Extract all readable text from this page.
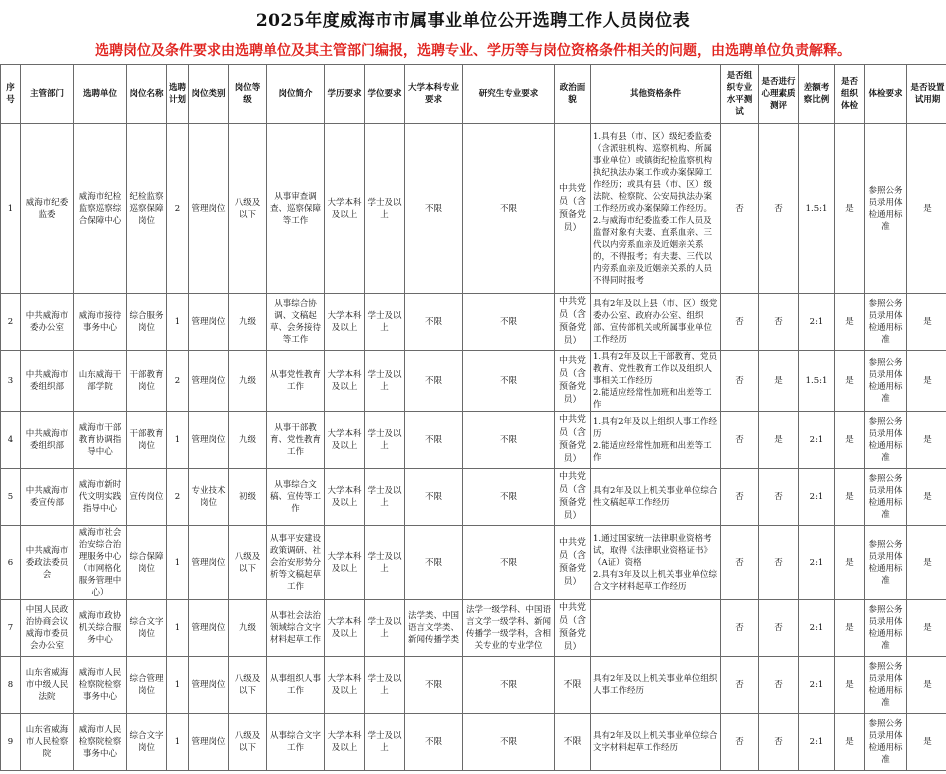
2025年度威海市市属事业单位公开选聘工作人员岗位表
选聘岗位及条件要求由选聘单位及其主管部门编报，选聘专业、学历等与岗位资格条件相关的问题，由选聘单位负责解释。
序号	主管部门	选聘单位	岗位名称	选聘计划	岗位类别	岗位等级	岗位简介	学历要求	学位要求	大学本科专业要求	研究生专业要求	政治面貌	其他资格条件	是否组织专业水平测试	是否进行心理素质测评	差额考察比例	是否组织体检	体检要求	是否设置试用期
1	威海市纪委监委	威海市纪检监察巡察综合保障中心	纪检监察巡察保障岗位	2	管理岗位	八级及以下	从事审查调查、巡察保障等工作	大学本科及以上	学士及以上	不限	不限	中共党员（含预备党员）	1.具有县（市、区）级纪委监委（含派驻机构、巡察机构、所属事业单位）或镇街纪检监察机构执纪执法办案工作或办案保障工作经历；或具有县（市、区）级法院、检察院、公安局执法办案工作经历或办案保障工作经历。
2.与威海市纪委监委工作人员及监督对象有夫妻、直系血亲、三代以内旁系血亲及近姻亲关系的，不得报考；有夫妻、三代以内旁系血亲及近姻亲关系的人员不得同时报考	否	否	1.5:1	是	参照公务员录用体检通用标准	是
2	中共威海市委办公室	威海市接待事务中心	综合服务岗位	1	管理岗位	九级	从事综合协调、文稿起草、会务接待等工作	大学本科及以上	学士及以上	不限	不限	中共党员（含预备党员）	具有2年及以上县（市、区）级党委办公室、政府办公室、组织部、宣传部机关或所属事业单位工作经历	否	否	2:1	是	参照公务员录用体检通用标准	是
3	中共威海市委组织部	山东威海干部学院	干部教育岗位	2	管理岗位	九级	从事党性教育工作	大学本科及以上	学士及以上	不限	不限	中共党员（含预备党员）	1.具有2年及以上干部教育、党员教育、党性教育工作以及组织人事相关工作经历
2.能适应经常性加班和出差等工作	否	是	1.5:1	是	参照公务员录用体检通用标准	是
4	中共威海市委组织部	威海市干部教育协调指导中心	干部教育岗位	1	管理岗位	九级	从事干部教育、党性教育工作	大学本科及以上	学士及以上	不限	不限	中共党员（含预备党员）	1.具有2年及以上组织人事工作经历
2.能适应经常性加班和出差等工作	否	是	2:1	是	参照公务员录用体检通用标准	是
5	中共威海市委宣传部	威海市新时代文明实践指导中心	宣传岗位	2	专业技术岗位	初级	从事综合文稿、宣传等工作	大学本科及以上	学士及以上	不限	不限	中共党员（含预备党员）	具有2年及以上机关事业单位综合性文稿起草工作经历	否	否	2:1	是	参照公务员录用体检通用标准	是
6	中共威海市委政法委员会	威海市社会治安综合治理服务中心（市网格化服务管理中心）	综合保障岗位	1	管理岗位	八级及以下	从事平安建设政策调研、社会治安形势分析等文稿起草工作	大学本科及以上	学士及以上	不限	不限	中共党员（含预备党员）	1.通过国家统一法律职业资格考试，取得《法律职业资格证书》（A证）资格
2.具有3年及以上机关事业单位综合文字材料起草工作经历	否	否	2:1	是	参照公务员录用体检通用标准	是
7	中国人民政治协商会议威海市委员会办公室	威海市政协机关综合服务中心	综合文字岗位	1	管理岗位	九级	从事社会法治领域综合文字材料起草工作	大学本科及以上	学士及以上	法学类、中国语言文学类、新闻传播学类	法学一级学科、中国语言文学一级学科、新闻传播学一级学科，含相关专业的专业学位	中共党员（含预备党员）		否	否	2:1	是	参照公务员录用体检通用标准	是
8	山东省威海市中级人民法院	威海市人民检察院检察事务中心	综合管理岗位	1	管理岗位	八级及以下	从事组织人事工作	大学本科及以上	学士及以上	不限	不限	不限	具有2年及以上机关事业单位组织人事工作经历	否	否	2:1	是	参照公务员录用体检通用标准	是
9	山东省威海市人民检察院	威海市人民检察院检察事务中心	综合文字岗位	1	管理岗位	八级及以下	从事综合文字工作	大学本科及以上	学士及以上	不限	不限	不限	具有2年及以上机关事业单位综合文字材料起草工作经历	否	否	2:1	是	参照公务员录用体检通用标准	是
